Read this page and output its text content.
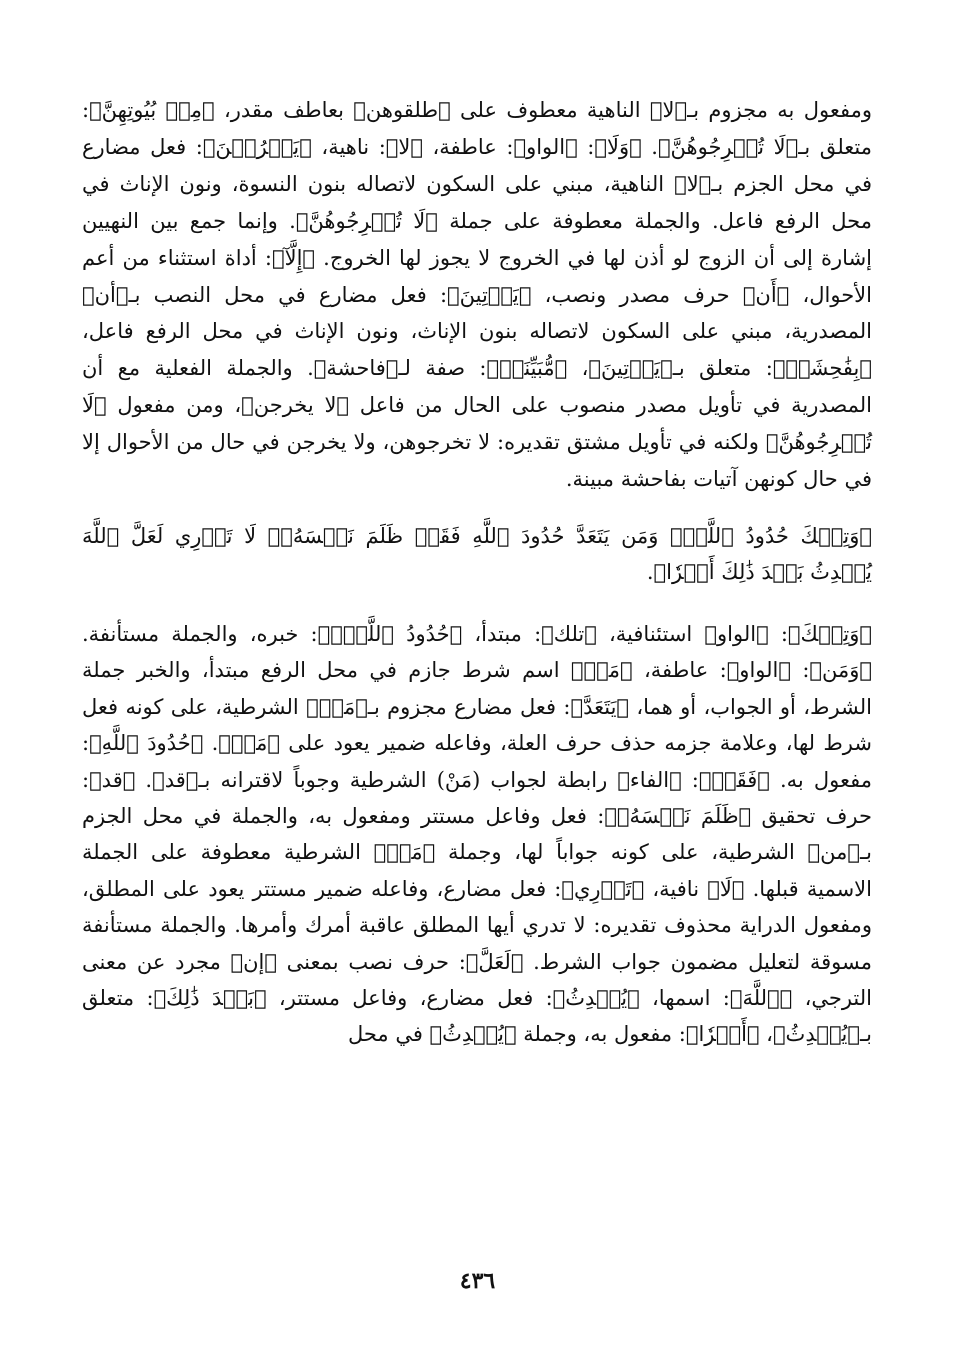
ومفعول به مجزوم بـ﴿لا﴾ الناهية معطوف على ﴿طلقوهن﴾ بعاطف مقدر، ﴿مِنۢ بُيُوتِهِنَّ﴾: متعلق بـ﴿لَا تُخۡرِجُوهُنَّ﴾. ﴿وَلَا﴾: ﴿الواو﴾: عاطفة، ﴿لا﴾: ناهية، ﴿يَخۡرُجۡنَ﴾: فعل مضارع في محل الجزم بـ﴿لا﴾ الناهية، مبني على السكون لاتصاله بنون النسوة، ونون الإناث في محل الرفع فاعل. والجملة معطوفة على جملة ﴿لَا تُخۡرِجُوهُنَّ﴾. وإنما جمع بين النهيين إشارة إلى أن الزوج لو أذن لها في الخروج لا يجوز لها الخروج. ﴿إِلَّآ﴾: أداة استثناء من أعم الأحوال، ﴿أَن﴾ حرف مصدر ونصب، ﴿يَأۡتِينَ﴾: فعل مضارع في محل النصب بـ﴿أن﴾ المصدرية، مبني على السكون لاتصاله بنون الإناث، ونون الإناث في محل الرفع فاعل، ﴿بِفَٰحِشَةٖ﴾: متعلق بـ﴿يَأۡتِينَ﴾، ﴿مُّبَيِّنَةٖ﴾: صفة لـ﴿فاحشة﴾. والجملة الفعلية مع أن المصدرية في تأويل مصدر منصوب على الحال من فاعل ﴿لا يخرجن﴾، ومن مفعول ﴿لَا تُخۡرِجُوهُنَّ﴾ ولكنه في تأويل مشتق تقديره: لا تخرجوهن، ولا يخرجن في حال من الأحوال إلا في حال كونهن آتيات بفاحشة مبينة.

﴿وَتِلۡكَ حُدُودُ ٱللَّهِۚ وَمَن يَتَعَدَّ حُدُودَ ٱللَّهِ فَقَدۡ ظَلَمَ نَفۡسَهُۥۚ لَا تَدۡرِي لَعَلَّ ٱللَّهَ يُحۡدِثُ بَعۡدَ ذَٰلِكَ أَمۡرٗا﴾.

﴿وَتِلۡكَ﴾: ﴿الواو﴾ استئنافية، ﴿تلك﴾: مبتدأ، ﴿حُدُودُ ٱللَّهِۚ﴾: خبره، والجملة مستأنفة. ﴿وَمَن﴾: ﴿الواو﴾: عاطفة، ﴿مَنۡ﴾ اسم شرط جازم في محل الرفع مبتدأ، والخبر جملة الشرط، أو الجواب، أو هما، ﴿يَتَعَدَّ﴾: فعل مضارع مجزوم بـ﴿مَنۡ﴾ الشرطية، على كونه فعل شرط لها، وعلامة جزمه حذف حرف العلة، وفاعله ضمير يعود على ﴿مَنۡ﴾. ﴿حُدُودَ ٱللَّهِ﴾: مفعول به. ﴿فَقَدۡ﴾: ﴿الفاء﴾ رابطة لجواب (مَنْ) الشرطية وجوباً لاقترانه بـ﴿قد﴾. ﴿قد﴾: حرف تحقيق ﴿ظَلَمَ نَفۡسَهُۥ﴾: فعل وفاعل مستتر ومفعول به، والجملة في محل الجزم بـ﴿من﴾ الشرطية، على كونه جواباً لها، وجملة ﴿مَنۡ﴾ الشرطية معطوفة على الجملة الاسمية قبلها. ﴿لَا﴾ نافية، ﴿تَدۡرِي﴾: فعل مضارع، وفاعله ضمير مستتر يعود على المطلق، ومفعول الدراية محذوف تقديره: لا تدري أيها المطلق عاقبة أمرك وأمرها. والجملة مستأنفة مسوقة لتعليل مضمون جواب الشرط. ﴿لَعَلَّ﴾: حرف نصب بمعنى ﴿إن﴾ مجرد عن معنى الترجي، ﴿ٱللَّهَ﴾: اسمها، ﴿يُحۡدِثُ﴾: فعل مضارع، وفاعل مستتر، ﴿بَعۡدَ ذَٰلِكَ﴾: متعلق بـ﴿يُحۡدِثُ﴾، ﴿أَمۡرٗا﴾: مفعول به، وجملة ﴿يُحۡدِثُ﴾ في محل

٤٣٦
